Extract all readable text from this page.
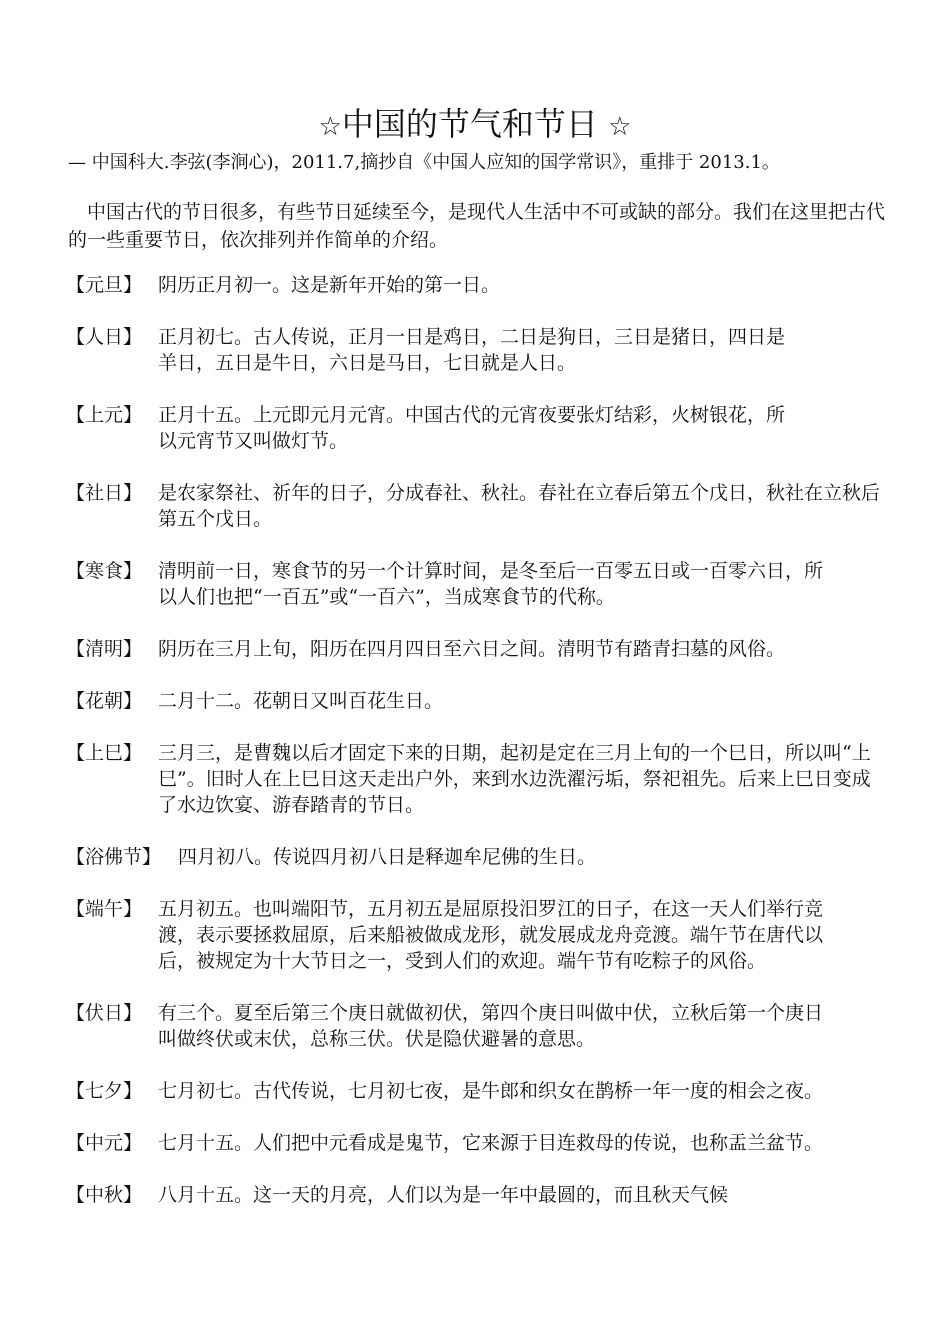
☆中国的节气和节日 ☆
— 中国科大.李弦(李涧心)，2011.7,摘抄自《中国人应知的国学常识》，重排于 2013.1。

中国古代的节日很多，有些节日延续至今，是现代人生活中不可或缺的部分。我们在这里把古代的一些重要节日，依次排列并作简单的介绍。

【元旦】 阴历正月初一。这是新年开始的第一日。
【人日】 正月初七。古人传说，正月一日是鸡日，二日是狗日，三日是猪日，四日是羊日，五日是牛日，六日是马日，七日就是人日。
【上元】 正月十五。上元即元月元宵。中国古代的元宵夜要张灯结彩，火树银花，所以元宵节又叫做灯节。
【社日】 是农家祭社、祈年的日子，分成春社、秋社。春社在立春后第五个戊日，秋社在立秋后第五个戊日。
【寒食】 清明前一日，寒食节的另一个计算时间，是冬至后一百零五日或一百零六日，所以人们也把“一百五”或“一百六”，当成寒食节的代称。
【清明】 阴历在三月上旬，阳历在四月四日至六日之间。清明节有踏青扫墓的风俗。
【花朝】 二月十二。花朝日又叫百花生日。
【上巳】 三月三，是曹魏以后才固定下来的日期，起初是定在三月上旬的一个巳日，所以叫“上巳”。旧时人在上巳日这天走出户外，来到水边洗濯污垢，祭祀祖先。后来上巳日变成了水边饮宴、游春踏青的节日。
【浴佛节】 四月初八。传说四月初八日是释迦牟尼佛的生日。
【端午】 五月初五。也叫端阳节，五月初五是屈原投汨罗江的日子，在这一天人们举行竞渡，表示要拯救屈原，后来船被做成龙形，就发展成龙舟竞渡。端午节在唐代以后，被规定为十大节日之一，受到人们的欢迎。端午节有吃粽子的风俗。
【伏日】 有三个。夏至后第三个庚日就做初伏，第四个庚日叫做中伏，立秋后第一个庚日叫做终伏或末伏，总称三伏。伏是隐伏避暑的意思。
【七夕】 七月初七。古代传说，七月初七夜，是牛郎和织女在鹊桥一年一度的相会之夜。
【中元】 七月十五。人们把中元看成是鬼节，它来源于目连救母的传说，也称盂兰盆节。
【中秋】 八月十五。这一天的月亮，人们以为是一年中最圆的，而且秋天气候
